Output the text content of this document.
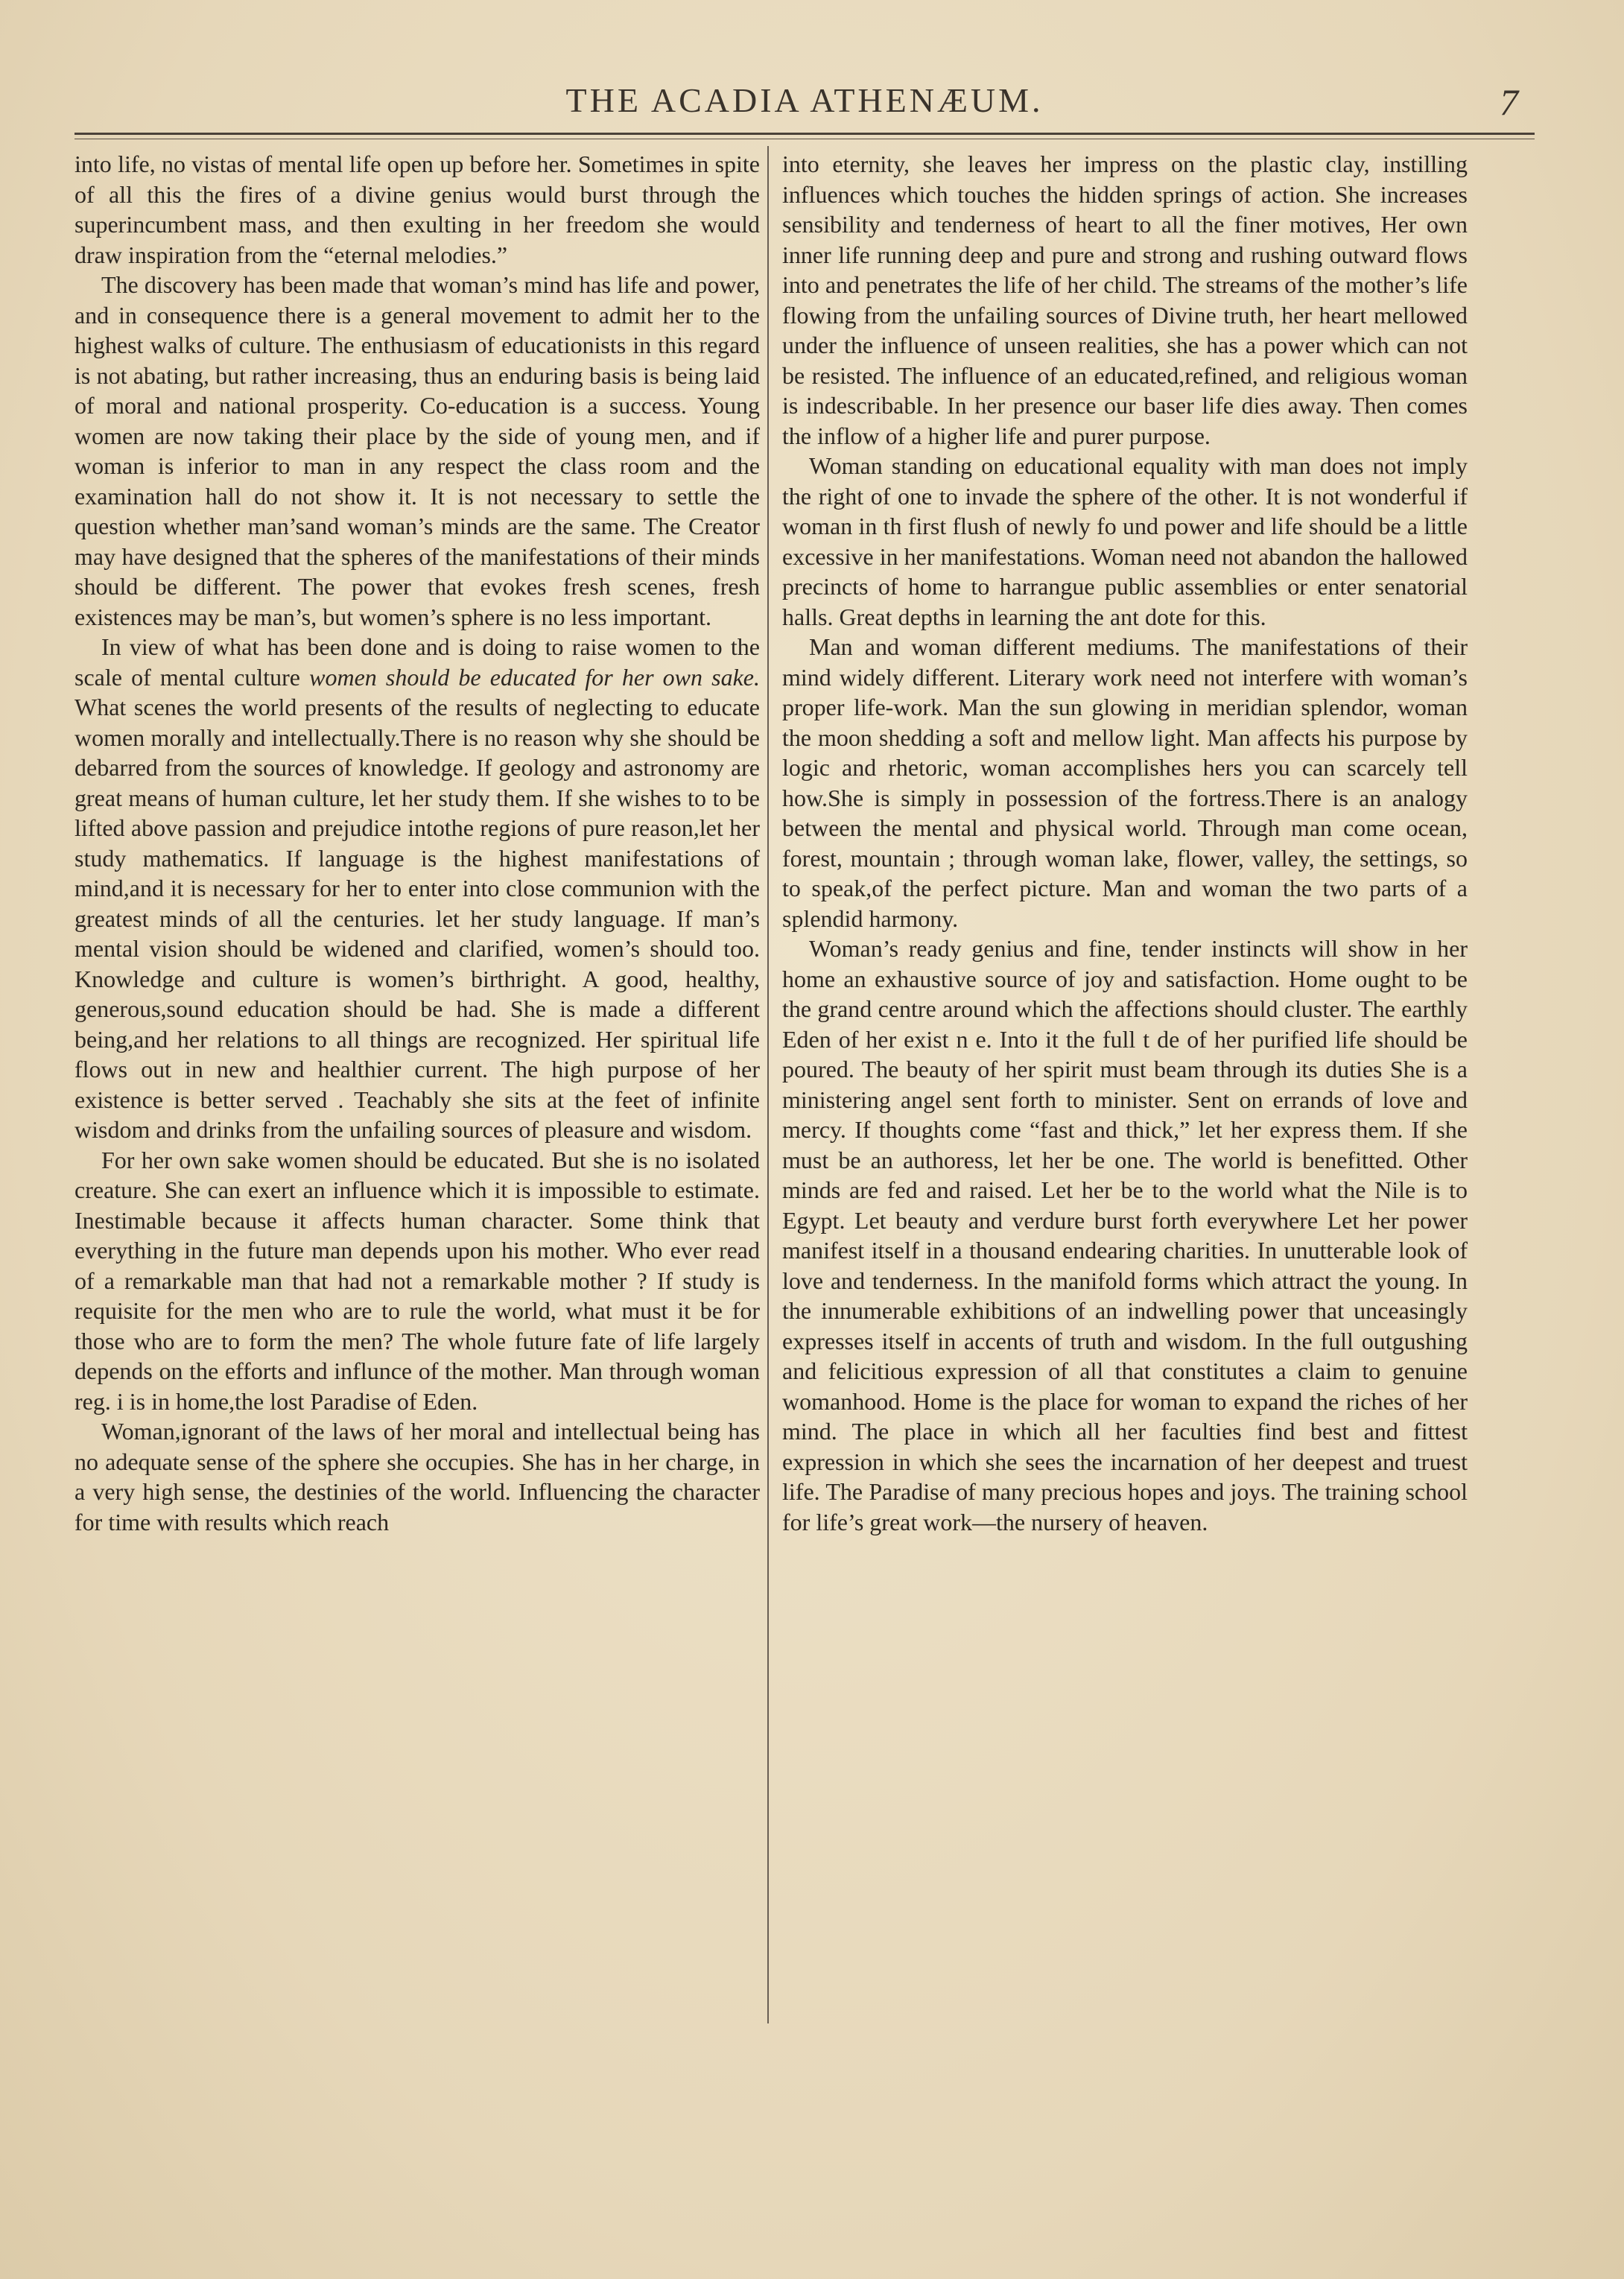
THE ACADIA ATHENÆUM.	7

into life, no vistas of mental life open up before her. Sometimes in spite of all this the fires of a divine genius would burst through the superincumbent mass, and then exulting in her freedom she would draw inspiration from the “eternal melodies.”

The discovery has been made that woman’s mind has life and power, and in consequence there is a general movement to admit her to the highest walks of culture. The enthusiasm of educationists in this regard is not abating, but rather increasing, thus an enduring basis is being laid of moral and national prosperity. Co-education is a success. Young women are now taking their place by the side of young men, and if woman is inferior to man in any respect the class room and the examination hall do not show it. It is not necessary to settle the question whether man’sand woman’s minds are the same. The Creator may have designed that the spheres of the manifestations of their minds should be different. The power that evokes fresh scenes, fresh existences may be man’s, but women’s sphere is no less important.

In view of what has been done and is doing to raise women to the scale of mental culture women should be educated for her own sake. What scenes the world presents of the results of neglecting to educate women morally and intellectually.There is no reason why she should be debarred from the sources of knowledge. If geology and astronomy are great means of human culture, let her study them. If she wishes to to be lifted above passion and prejudice intothe regions of pure reason,let her study mathematics. If language is the highest manifestations of mind,and it is necessary for her to enter into close communion with the greatest minds of all the centuries. let her study language. If man’s mental vision should be widened and clarified, women’s should too. Knowledge and culture is women’s birthright. A good, healthy, generous,sound education should be had. She is made a different being,and her relations to all things are recognized. Her spiritual life flows out in new and healthier current. The high purpose of her existence is better served . Teachably she sits at the feet of infinite wisdom and drinks from the unfailing sources of pleasure and wisdom.

For her own sake women should be educated. But she is no isolated creature. She can exert an influence which it is impossible to estimate. Inestimable because it affects human character. Some think that everything in the future man depends upon his mother. Who ever read of a remarkable man that had not a remarkable mother ? If study is requisite for the men who are to rule the world, what must it be for those who are to form the men? The whole future fate of life largely depends on the efforts and influnce of the mother. Man through woman reg. i is in home,the lost Paradise of Eden.

Woman,ignorant of the laws of her moral and intellectual being has no adequate sense of the sphere she occupies. She has in her charge, in a very high sense, the destinies of the world. Influencing the character for time with results which reach

into eternity, she leaves her impress on the plastic clay, instilling influences which touches the hidden springs of action. She increases sensibility and tenderness of heart to all the finer motives, Her own inner life running deep and pure and strong and rushing outward flows into and penetrates the life of her child. The streams of the mother’s life flowing from the unfailing sources of Divine truth, her heart mellowed under the influence of unseen realities, she has a power which can not be resisted. The influence of an educated,refined, and religious woman is indescribable. In her presence our baser life dies away. Then comes the inflow of a higher life and purer purpose.

Woman standing on educational equality with man does not imply the right of one to invade the sphere of the other. It is not wonderful if woman in th first flush of newly fo und power and life should be a little excessive in her manifestations. Woman need not abandon the hallowed precincts of home to harrangue public assemblies or enter senatorial halls. Great depths in learning the ant dote for this.

Man and woman different mediums. The manifestations of their mind widely different. Literary work need not interfere with woman’s proper life-work. Man the sun glowing in meridian splendor, woman the moon shedding a soft and mellow light. Man affects his purpose by logic and rhetoric, woman accomplishes hers you can scarcely tell how.She is simply in possession of the fortress.There is an analogy between the mental and physical world. Through man come ocean, forest, mountain ; through woman lake, flower, valley, the settings, so to speak,of the perfect picture. Man and woman the two parts of a splendid harmony.

Woman’s ready genius and fine, tender instincts will show in her home an exhaustive source of joy and satisfaction. Home ought to be the grand centre around which the affections should cluster. The earthly Eden of her exist n e. Into it the full t de of her purified life should be poured. The beauty of her spirit must beam through its duties She is a ministering angel sent forth to minister. Sent on errands of love and mercy. If thoughts come “fast and thick,” let her express them. If she must be an authoress, let her be one. The world is benefitted. Other minds are fed and raised. Let her be to the world what the Nile is to Egypt. Let beauty and verdure burst forth everywhere Let her power manifest itself in a thousand endearing charities. In unutterable look of love and tenderness. In the manifold forms which attract the young. In the innumerable exhibitions of an indwelling power that unceasingly expresses itself in accents of truth and wisdom. In the full outgushing and felicitious expression of all that constitutes a claim to genuine womanhood. Home is the place for woman to expand the riches of her mind. The place in which all her faculties find best and fittest expression in which she sees the incarnation of her deepest and truest life. The Paradise of many precious hopes and joys. The training school for life’s great work—the nursery of heaven.
